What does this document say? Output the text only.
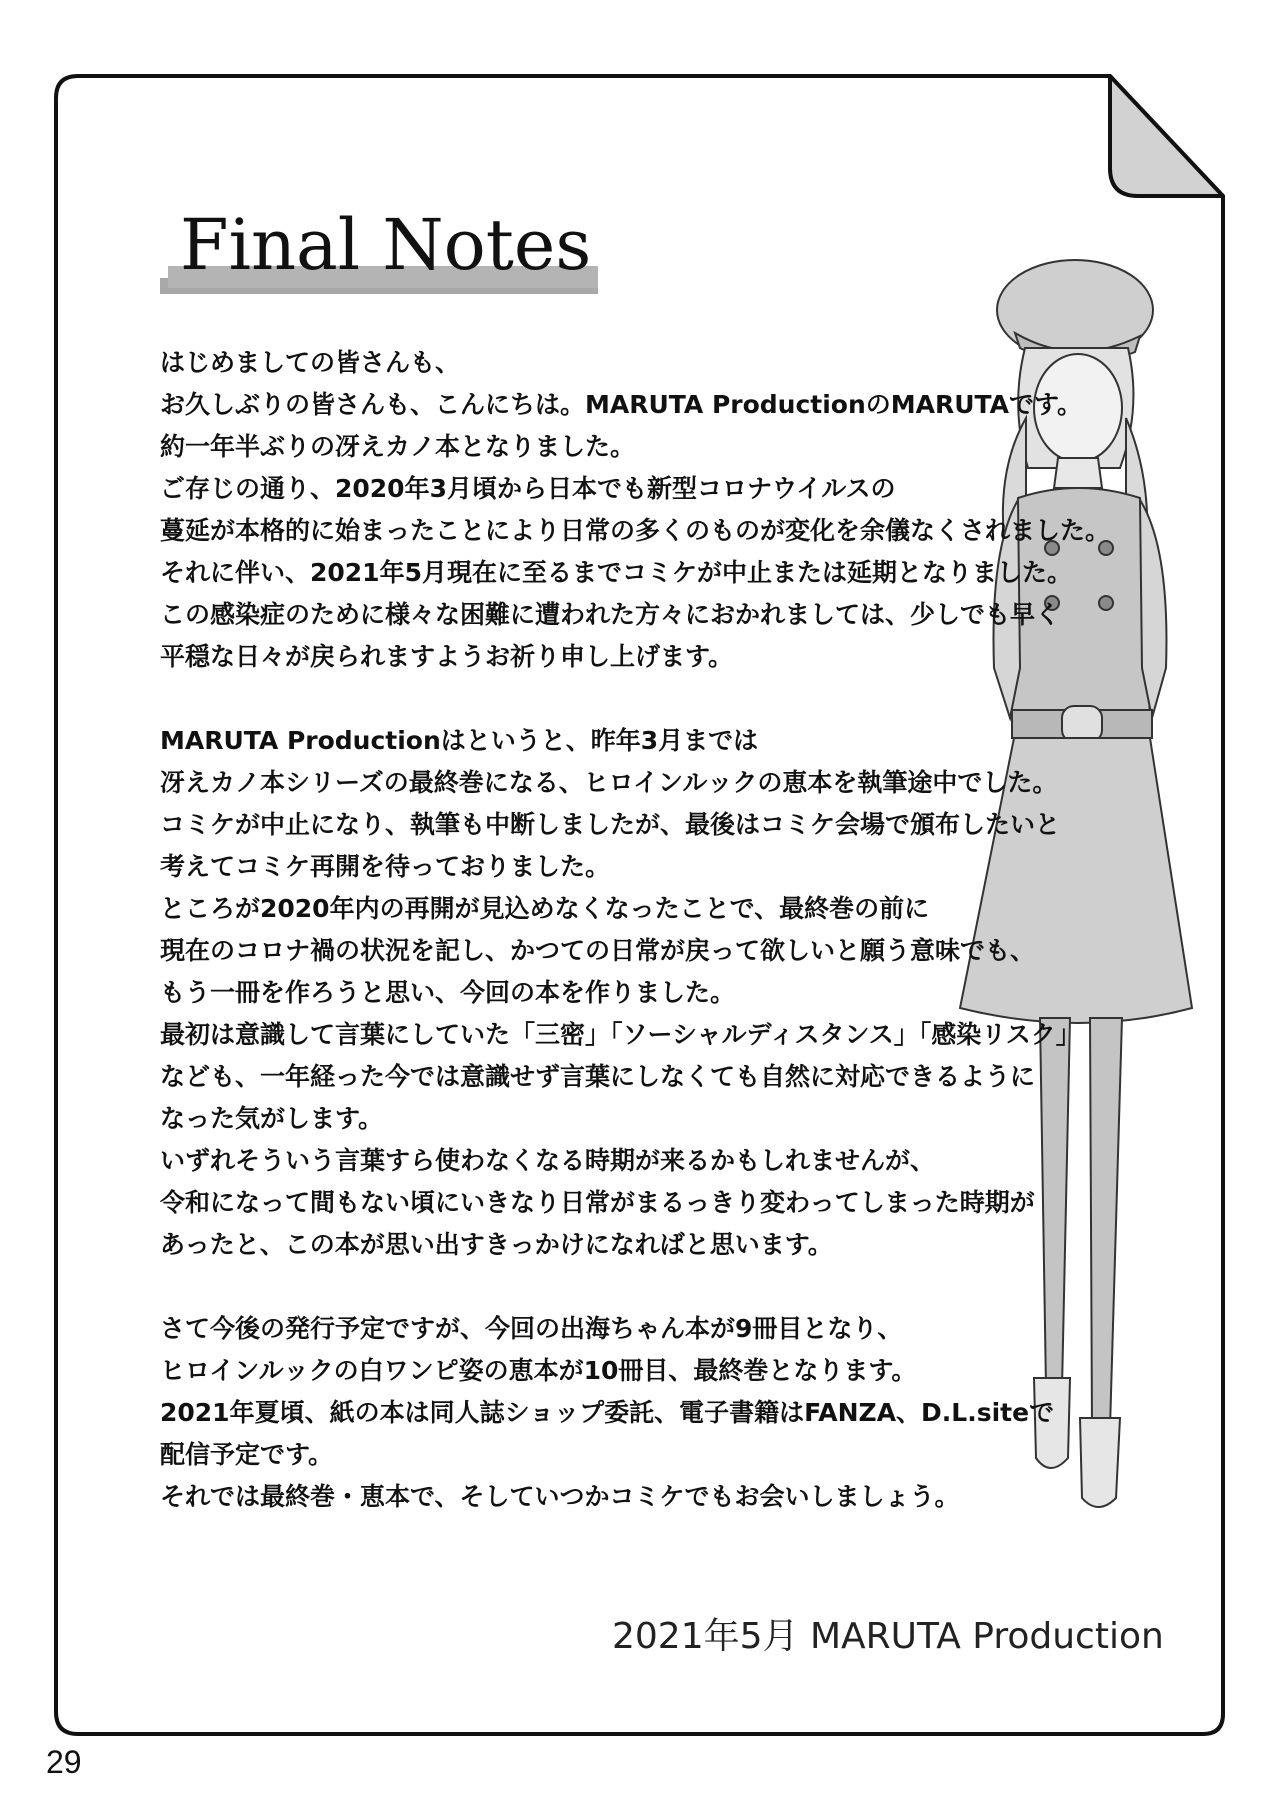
Final Notes
はじめましての皆さんも、
お久しぶりの皆さんも、こんにちは。MARUTA ProductionのMARUTAです。
約一年半ぶりの冴えカノ本となりました。
ご存じの通り、2020年3月頃から日本でも新型コロナウイルスの
蔓延が本格的に始まったことにより日常の多くのものが変化を余儀なくされました。
それに伴い、2021年5月現在に至るまでコミケが中止または延期となりました。
この感染症のために様々な困難に遭われた方々におかれましては、少しでも早く
平穏な日々が戻られますようお祈り申し上げます。
MARUTA Productionはというと、昨年3月までは
冴えカノ本シリーズの最終巻になる、ヒロインルックの恵本を執筆途中でした。
コミケが中止になり、執筆も中断しましたが、最後はコミケ会場で頒布したいと
考えてコミケ再開を待っておりました。
ところが2020年内の再開が見込めなくなったことで、最終巻の前に
現在のコロナ禍の状況を記し、かつての日常が戻って欲しいと願う意味でも、
もう一冊を作ろうと思い、今回の本を作りました。
最初は意識して言葉にしていた「三密」「ソーシャルディスタンス」「感染リスク」
なども、一年経った今では意識せず言葉にしなくても自然に対応できるように
なった気がします。
いずれそういう言葉すら使わなくなる時期が来るかもしれませんが、
令和になって間もない頃にいきなり日常がまるっきり変わってしまった時期が
あったと、この本が思い出すきっかけになればと思います。
さて今後の発行予定ですが、今回の出海ちゃん本が9冊目となり、
ヒロインルックの白ワンピ姿の恵本が10冊目、最終巻となります。
2021年夏頃、紙の本は同人誌ショップ委託、電子書籍はFANZA、D.L.siteで
配信予定です。
それでは最終巻・恵本で、そしていつかコミケでもお会いしましょう。
2021年5月 MARUTA Production
29
